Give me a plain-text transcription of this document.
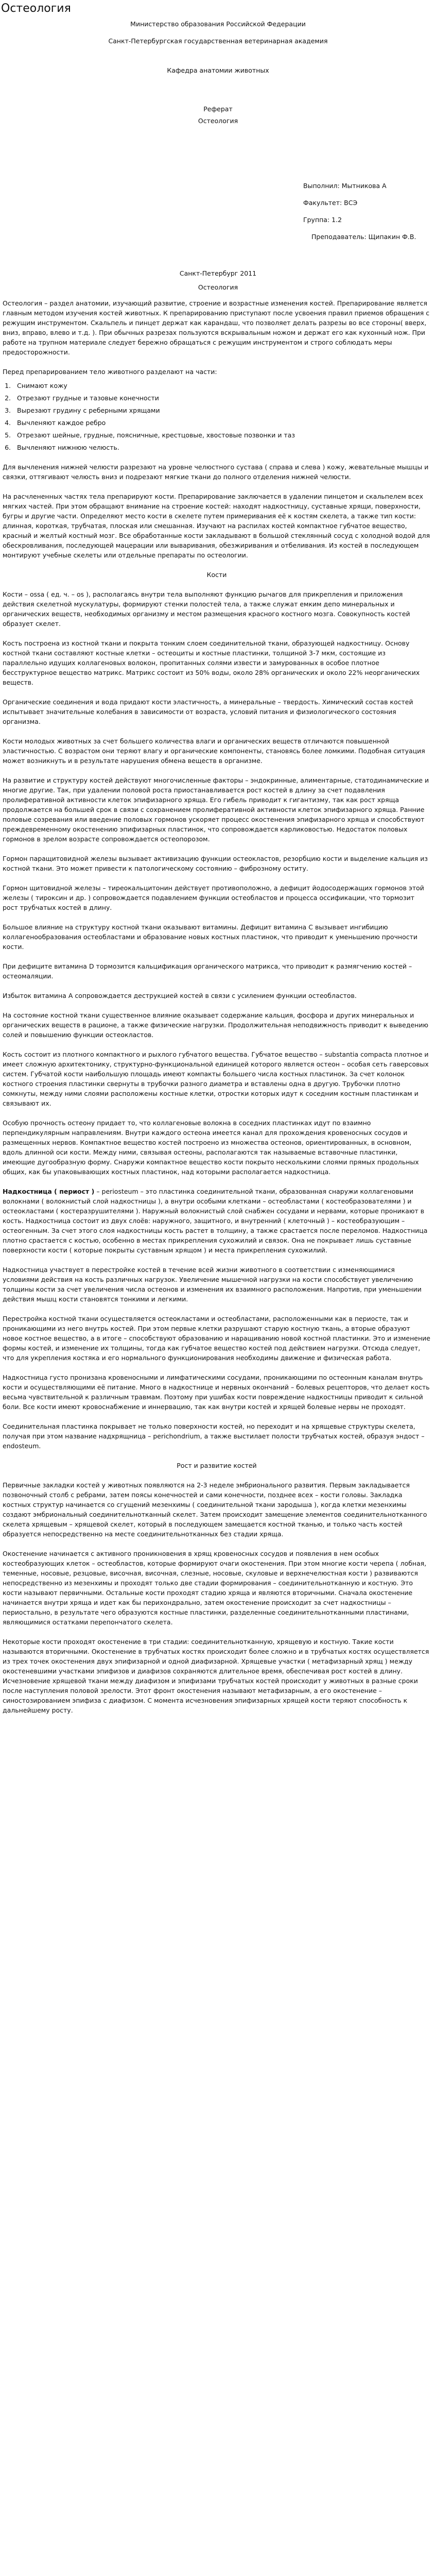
Остеология

Министерство образования Российской Федерации

Санкт-Петербургская государственная ветеринарная академия

Кафедра анатомии животных

Реферат

Остеология

Выполнил: Мытникова А

Факультет: ВСЭ

Группа: 1.2

Преподаватель: Щипакин Ф.В.

Санкт-Петербург 2011

Остеология

Остеология – раздел анатомии, изучающий развитие, строение и возрастные изменения костей. Препарирование является главным методом изучения костей животных. К препарированию приступают после усвоения правил приемов обращения с режущим инструментом. Скальпель и пинцет держат как карандаш, что позволяет делать разрезы во все стороны( вверх, вниз, вправо, влево и т.д. ). При обычных разрезах пользуются вскрывальным ножом и держат его как кухонный нож. При работе на трупном материале следует бережно обращаться с режущим инструментом и строго соблюдать меры предосторожности.

Перед препарированием тело животного разделают на части:

1. Снимают кожу
2. Отрезают грудные и тазовые конечности
3. Вырезают грудину с реберными хрящами
4. Вычленяют каждое ребро
5. Отрезают шейные, грудные, поясничные, крестцовые, хвостовые позвонки и таз
6. Вычленяют нижнюю челюсть.

Для вычленения нижней челюсти разрезают на уровне челюстного сустава ( справа и слева ) кожу, жевательные мышцы и связки, оттягивают челюсть вниз и подрезают мягкие ткани до полного отделения нижней челюсти.

На расчлененных частях тела препарируют кости. Препарирование заключается в удалении пинцетом и скальпелем всех мягких частей. При этом обращают внимание на строение костей: находят надкостницу, суставные хрящи, поверхности, бугры и другие части. Определяют место кости в скелете путем примеривания её к костям скелета, а также тип кости: длинная, короткая, трубчатая, плоская или смешанная. Изучают на распилах костей компактное губчатое вещество, красный и желтый костный мозг. Все обработанные кости закладывают в большой стеклянный сосуд с холодной водой для обескровливания, последующей мацерации или вываривания, обезжиривания и отбеливания. Из костей в последующем монтируют учебные скелеты или отдельные препараты по остеологии.

Кости

Кости – ossa ( ед. ч. – os ), располагаясь внутри тела выполняют функцию рычагов для прикрепления и приложения действия скелетной мускулатуры, формируют стенки полостей тела, а также служат емким депо минеральных и органических веществ, необходимых организму и местом размещения красного костного мозга. Совокупность костей образует скелет.

Кость построена из костной ткани и покрыта тонким слоем соединительной ткани, образующей надкостницу. Основу костной ткани составляют костные клетки – остеоциты и костные пластинки, толщиной 3-7 мкм, состоящие из параллельно идущих коллагеновых волокон, пропитанных солями извести и замурованных в особое плотное бесструктурное вещество матрикс. Матрикс состоит из 50% воды, около 28% органических и около 22% неорганических веществ.

Органические соединения и вода придают кости эластичность, а минеральные – твердость. Химический состав костей испытывает значительные колебания в зависимости от возраста, условий питания и физиологического состояния организма.

Кости молодых животных за счет большего количества влаги и органических веществ отличаются повышенной эластичностью. С возрастом они теряют влагу и органические компоненты, становясь более ломкими. Подобная ситуация может возникнуть и в результате нарушения обмена веществ в организме.

На развитие и структуру костей действуют многочисленные факторы – эндокринные, алиментарные, статодинамические и многие другие. Так, при удалении половой роста приостанавливается рост костей в длину за счет подавления пролиферативной активности клеток эпифизарного хряща. Его гибель приводит к гигантизму, так как рост хряща продолжается на большей срок в связи с сохранением пролиферативной активности клеток эпифизарного хряща. Ранние половые созревания или введение половых гормонов ускоряет процесс окостенения эпифизарного хряща и способствуют преждевременному окостенению эпифизарных пластинок, что сопровождается карликовостью. Недостаток половых гормонов в зрелом возрасте сопровождается остеопорозом.

Гормон паращитовидной железы вызывает активизацию функции остеокластов, резорбцию кости и выделение кальция из костной ткани. Это может привести к патологическому состоянию – фиброзному оститу.

Гормон щитовидной железы – тиреокальцитонин действует противоположно, а дефицит йодосодержащих гормонов этой железы ( тироксин и др. ) сопровождается подавлением функции остеобластов и процесса оссификации, что тормозит рост трубчатых костей в длину.

Большое влияние на структуру костной ткани оказывают витамины. Дефицит витамина С вызывает ингибицию коллагенообразования остеобластами и образование новых костных пластинок, что приводит к уменьшению прочности кости.

При дефиците витамина D тормозится кальцификация органического матрикса, что приводит к размягчению костей – остеомаляции.

Избыток витамина А сопровождается деструкцией костей в связи с усилением функции остеобластов.

На состояние костной ткани существенное влияние оказывает содержание кальция, фосфора и других минеральных и органических веществ в рационе, а также физические нагрузки. Продолжительная неподвижность приводит к выведению солей и повышению функции остеокластов.

Кость состоит из плотного компактного и рыхлого губчатого вещества. Губчатое вещество – substantia compacta плотное и имеет сложную архитектонику, структурно-функциональной единицей которого является остеон – особая сеть гаверсовых систем. Губчатой кости наибольшую площадь имеют компакты большего числа костных пластинок. За счет колонок костного строения пластинки свернуты в трубочки разного диаметра и вставлены одна в другую. Трубочки плотно сомкнуты, между ними слоями расположены костные клетки, отростки которых идут к соседним костным пластинкам и связывают их.

Особую прочность остеону придает то, что коллагеновые волокна в соседних пластинках идут по взаимно перпендикулярным направлениям. Внутри каждого остеона имеется канал для прохождения кровеносных сосудов и размещенных нервов. Компактное вещество костей построено из множества остеонов, ориентированных, в основном, вдоль длинной оси кости. Между ними, связывая остеоны, располагаются так называемые вставочные пластинки, имеющие дугообразную форму. Снаружи компактное вещество кости покрыто несколькими слоями прямых продольных общих, как бы упаковывающих костных пластинок, над которыми располагается надкостница.

Надкостница ( периост ) – periosteum – это пластинка соединительной ткани, образованная снаружи коллагеновыми волокнами ( волокнистый слой надкостницы ), а внутри особыми клетками – остеобластами ( костеобразователями ) и остеокластами ( костеразрушителями ). Наружный волокнистый слой снабжен сосудами и нервами, которые проникают в кость. Надкостница состоит из двух слоёв: наружного, защитного, и внутренний ( клеточный ) – костеобразующим – остеогенным. За счет этого слоя надкостницы кость растет в толщину, а также срастается после переломов. Надкостница плотно срастается с костью, особенно в местах прикрепления сухожилий и связок. Она не покрывает лишь суставные поверхности кости ( которые покрыты суставным хрящом ) и места прикрепления сухожилий.

Надкостница участвует в перестройке костей в течение всей жизни животного в соответствии с изменяющимися условиями действия на кость различных нагрузок. Увеличение мышечной нагрузки на кости способствует увеличению толщины кости за счет увеличения числа остеонов и изменения их взаимного расположения. Напротив, при уменьшении действия мышц кости становятся тонкими и легкими.

Перестройка костной ткани осуществляется остеокластами и остеобластами, расположенными как в периосте, так и проникающими из него внутрь костей. При этом первые клетки разрушают старую костную ткань, а вторые образуют новое костное вещество, а в итоге – способствуют образованию и наращиванию новой костной пластинки. Это и изменение формы костей, и изменение их толщины, тогда как губчатое вещество костей под действием нагрузки. Отсюда следует, что для укрепления костяка и его нормального функционирования необходимы движение и физическая работа.

Надкостница густо пронизана кровеносными и лимфатическими сосудами, проникающими по остеонным каналам внутрь кости и осуществляющими её питание. Много в надкостнице и нервных окончаний – болевых рецепторов, что делает кость весьма чувствительной к различным травмам. Поэтому при ушибах кости повреждение надкостницы приводит к сильной боли. Все кости имеют кровоснабжение и иннервацию, так как внутри костей и хрящей болевые нервы не проходят.

Соединительная пластинка покрывает не только поверхности костей, но переходит и на хрящевые структуры скелета, получая при этом название надхрящница – perichondrium, а также выстилает полости трубчатых костей, образуя эндост – endosteum.

Рост и развитие костей

Первичные закладки костей у животных появляются на 2-3 неделе эмбрионального развития. Первым закладывается позвоночный столб с ребрами, затем поясы конечностей и сами конечности, позднее всех – кости головы. Закладка костных структур начинается со сгущений мезенхимы ( соединительной ткани зародыша ), когда клетки мезенхимы создают эмбриональный соединительнотканный скелет. Затем происходит замещение элементов соединительнотканного скелета хрящевым – хрящевой скелет, который в последующем замещается костной тканью, и только часть костей образуется непосредственно на месте соединительнотканных без стадии хряща.

Окостенение начинается с активного проникновения в хрящ кровеносных сосудов и появления в нем особых костеобразующих клеток – остеобластов, которые формируют очаги окостенения. При этом многие кости черепа ( лобная, теменные, носовые, резцовые, височная, височная, слезные, носовые, скуловые и верхнечелюстная кости ) развиваются непосредственно из мезенхимы и проходят только две стадии формирования – соединительнотканную и костную. Это кости называют первичными. Остальные кости проходят стадию хряща и являются вторичными. Сначала окостенение начинается внутри хряща и идет как бы перихондрально, затем окостенение происходит за счет надкостницы – периостально, в результате чего образуются костные пластинки, разделенные соединительнотканными пластинами, являющимися остатками перепончатого скелета.

Некоторые кости проходят окостенение в три стадии: соединительнотканную, хрящевую и костную. Такие кости называются вторичными. Окостенение в трубчатых костях происходит более сложно и в трубчатых костях осуществляется из трех точек окостенения двух эпифизарной и одной диафизарной. Хрящевые участки ( метафизарный хрящ ) между окостеневшими участками эпифизов и диафизов сохраняются длительное время, обеспечивая рост костей в длину. Исчезновение хрящевой ткани между диафизом и эпифизами трубчатых костей происходит у животных в разные сроки после наступления половой зрелости. Этот фронт окостенения называют метафизарным, а его окостенение – синостозированием эпифиза с диафизом. С момента исчезновения эпифизарных хрящей кости теряют способность к дальнейшему росту.
